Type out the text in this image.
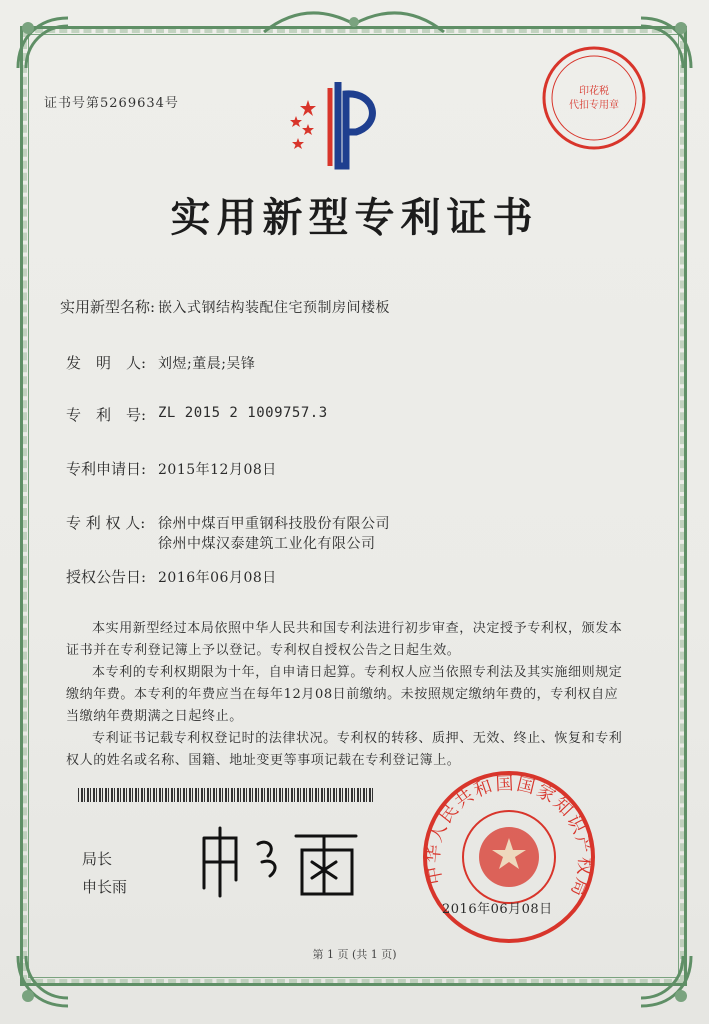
证书号第5269634号
印花税
代扣专用章
实用新型专利证书
实用新型名称: 嵌入式钢结构装配住宅预制房间楼板
发　明　人: 刘煜;董晨;吴锋
专　利　号: ZL 2015 2 1009757.3
专利申请日: 2015年12月08日
专 利 权 人: 徐州中煤百甲重钢科技股份有限公司
徐州中煤汉泰建筑工业化有限公司
授权公告日: 2016年06月08日
本实用新型经过本局依照中华人民共和国专利法进行初步审查，决定授予专利权，颁发本证书并在专利登记簿上予以登记。专利权自授权公告之日起生效。
本专利的专利权期限为十年，自申请日起算。专利权人应当依照专利法及其实施细则规定缴纳年费。本专利的年费应当在每年12月08日前缴纳。未按照规定缴纳年费的，专利权自应当缴纳年费期满之日起终止。
专利证书记载专利权登记时的法律状况。专利权的转移、质押、无效、终止、恢复和专利权人的姓名或名称、国籍、地址变更等事项记载在专利登记簿上。
局长
申长雨
中华人民共和国国家知识产权局
2016年06月08日
第 1 页 (共 1 页)
